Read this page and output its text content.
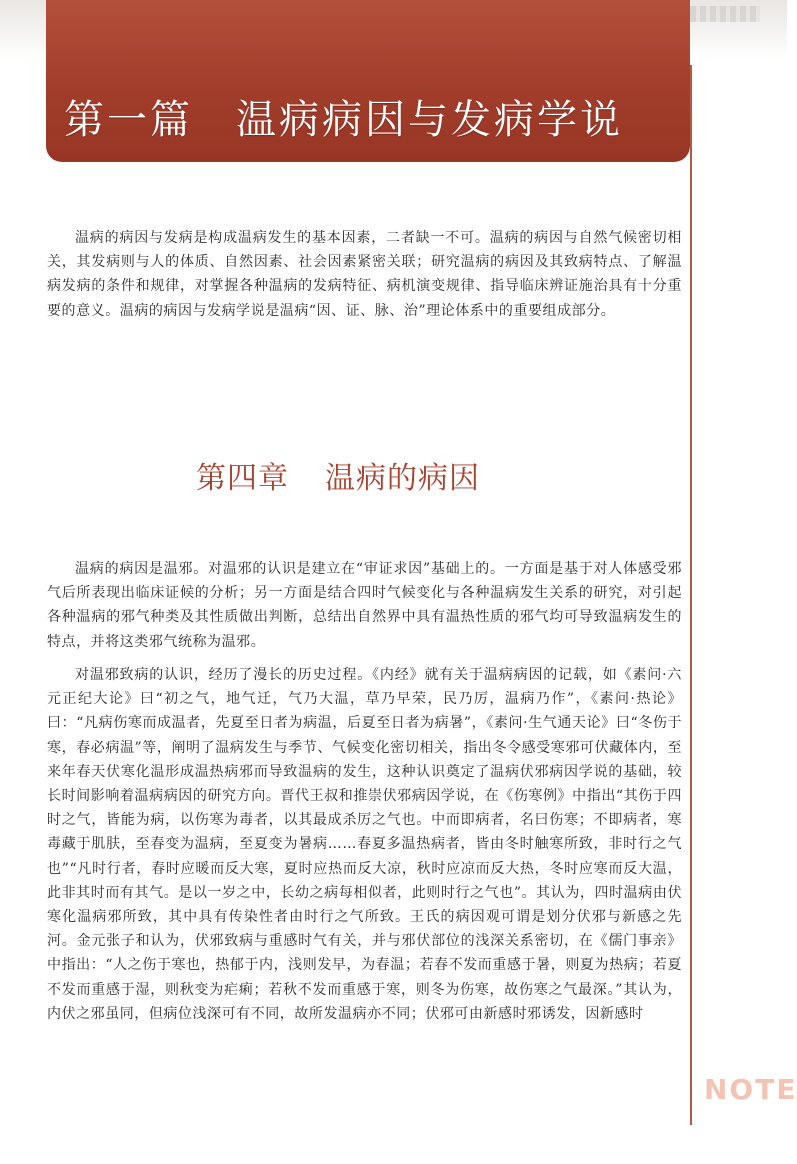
第一篇　温病病因与发病学说

温病的病因与发病是构成温病发生的基本因素，二者缺一不可。温病的病因与自然气候密切相关，其发病则与人的体质、自然因素、社会因素紧密关联；研究温病的病因及其致病特点、了解温病发病的条件和规律，对掌握各种温病的发病特征、病机演变规律、指导临床辨证施治具有十分重要的意义。温病的病因与发病学说是温病“因、证、脉、治”理论体系中的重要组成部分。

第四章 温病的病因

温病的病因是温邪。对温邪的认识是建立在“审证求因”基础上的。一方面是基于对人体感受邪气后所表现出临床证候的分析；另一方面是结合四时气候变化与各种温病发生关系的研究，对引起各种温病的邪气种类及其性质做出判断，总结出自然界中具有温热性质的邪气均可导致温病发生的特点，并将这类邪气统称为温邪。

对温邪致病的认识，经历了漫长的历史过程。《内经》就有关于温病病因的记载，如《素问·六元正纪大论》曰“初之气，地气迁，气乃大温，草乃早荣，民乃厉，温病乃作”，《素问·热论》曰：“凡病伤寒而成温者，先夏至日者为病温，后夏至日者为病暑”，《素问·生气通天论》曰“冬伤于寒，春必病温”等，阐明了温病发生与季节、气候变化密切相关，指出冬令感受寒邪可伏藏体内，至来年春天伏寒化温形成温热病邪而导致温病的发生，这种认识奠定了温病伏邪病因学说的基础，较长时间影响着温病病因的研究方向。晋代王叔和推崇伏邪病因学说，在《伤寒例》中指出“其伤于四时之气，皆能为病，以伤寒为毒者，以其最成杀厉之气也。中而即病者，名曰伤寒；不即病者，寒毒藏于肌肤，至春变为温病，至夏变为暑病……春夏多温热病者，皆由冬时触寒所致，非时行之气也”“凡时行者，春时应暖而反大寒，夏时应热而反大凉，秋时应凉而反大热，冬时应寒而反大温，此非其时而有其气。是以一岁之中，长幼之病每相似者，此则时行之气也”。其认为，四时温病由伏寒化温病邪所致，其中具有传染性者由时行之气所致。王氏的病因观可谓是划分伏邪与新感之先河。金元张子和认为，伏邪致病与重感时气有关，并与邪伏部位的浅深关系密切，在《儒门事亲》中指出：“人之伤于寒也，热郁于内，浅则发早，为春温；若春不发而重感于暑，则夏为热病；若夏不发而重感于湿，则秋变为疟痢；若秋不发而重感于寒，则冬为伤寒，故伤寒之气最深。”其认为，内伏之邪虽同，但病位浅深可有不同，故所发温病亦不同；伏邪可由新感时邪诱发，因新感时

NOTE
